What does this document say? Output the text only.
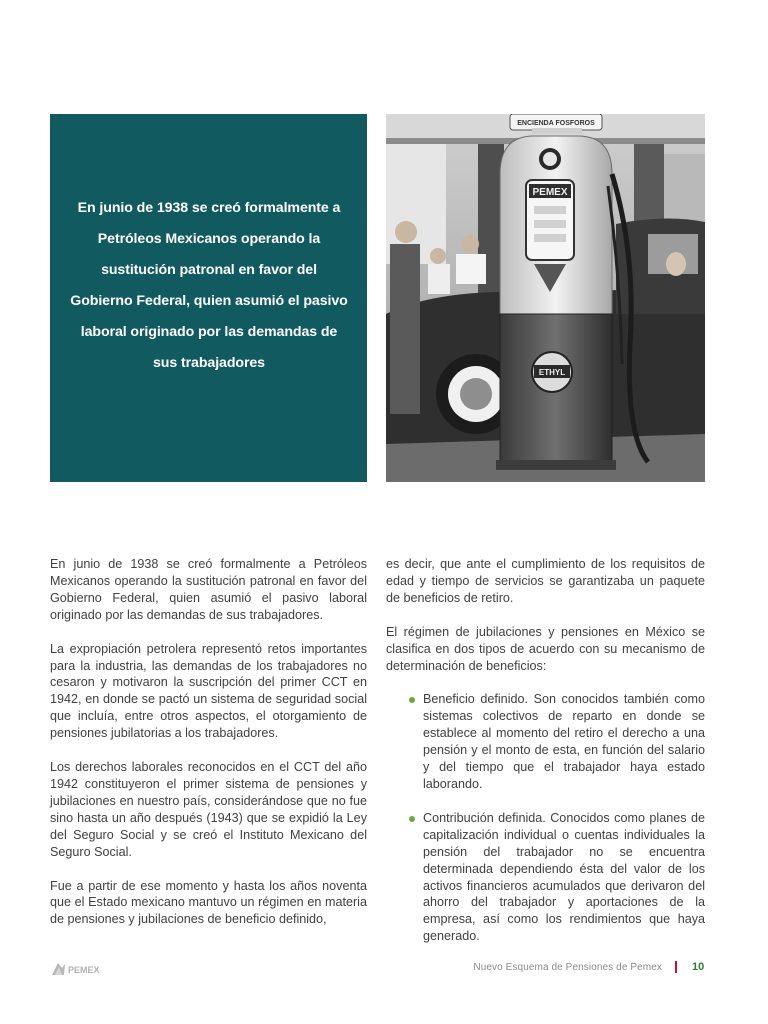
En junio de 1938 se creó formalmente a Petróleos Mexicanos operando la sustitución patronal en favor del Gobierno Federal, quien asumió el pasivo laboral originado por las demandas de sus trabajadores
ENCIENDA FOSFOROS
PEMEX
ETHYL

En junio de 1938 se creó formalmente a Petróleos Mexicanos operando la sustitución patronal en favor del Gobierno Federal, quien asumió el pasivo laboral originado por las demandas de sus trabajadores.

La expropiación petrolera representó retos importantes para la industria, las demandas de los trabajadores no cesaron y motivaron la suscripción del primer CCT en 1942, en donde se pactó un sistema de seguridad social que incluía, entre otros aspectos, el otorgamiento de pensiones jubilatorias a los trabajadores.

Los derechos laborales reconocidos en el CCT del año 1942 constituyeron el primer sistema de pensiones y jubilaciones en nuestro país, considerándose que no fue sino hasta un año después (1943) que se expidió la Ley del Seguro Social y se creó el Instituto Mexicano del Seguro Social.

Fue a partir de ese momento y hasta los años noventa que el Estado mexicano mantuvo un régimen en materia de pensiones y jubilaciones de beneficio definido,

es decir, que ante el cumplimiento de los requisitos de edad y tiempo de servicios se garantizaba un paquete de beneficios de retiro.

El régimen de jubilaciones y pensiones en México se clasifica en dos tipos de acuerdo con su mecanismo de determinación de beneficios:

Beneficio definido. Son conocidos también como sistemas colectivos de reparto en donde se establece al momento del retiro el derecho a una pensión y el monto de esta, en función del salario y del tiempo que el trabajador haya estado laborando.
Contribución definida. Conocidos como planes de capitalización individual o cuentas individuales la pensión del trabajador no se encuentra determinada dependiendo ésta del valor de los activos financieros acumulados que derivaron del ahorro del trabajador y aportaciones de la empresa, así como los rendimientos que haya generado.
PEMEX	Nuevo Esquema de Pensiones de Pemex	10
